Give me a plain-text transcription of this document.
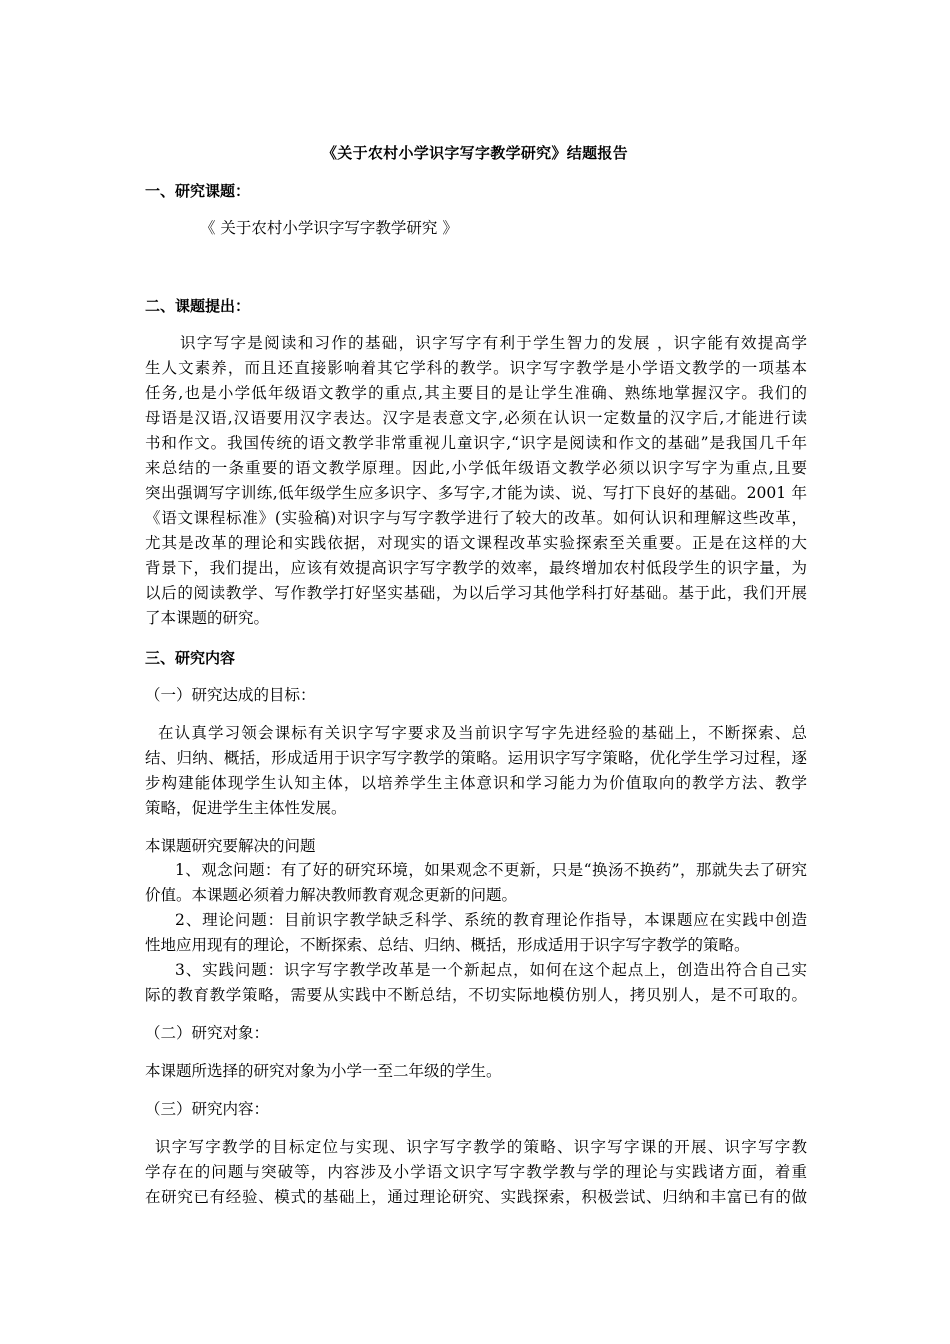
《关于农村小学识字写字教学研究》结题报告
一、研究课题：
《 关于农村小学识字写字教学研究 》
二、课题提出：
识字写字是阅读和习作的基础，识字写字有利于学生智力的发展 ，识字能有效提高学
生人文素养，而且还直接影响着其它学科的教学。识字写字教学是小学语文教学的一项基本
任务,也是小学低年级语文教学的重点,其主要目的是让学生准确、熟练地掌握汉字。我们的
母语是汉语,汉语要用汉字表达。汉字是表意文字,必须在认识一定数量的汉字后,才能进行读
书和作文。我国传统的语文教学非常重视儿童识字,“识字是阅读和作文的基础”是我国几千年
来总结的一条重要的语文教学原理。因此,小学低年级语文教学必须以识字写字为重点,且要
突出强调写字训练,低年级学生应多识字、多写字,才能为读、说、写打下良好的基础。2001 年
《语文课程标准》(实验稿)对识字与写字教学进行了较大的改革。如何认识和理解这些改革，
尤其是改革的理论和实践依据，对现实的语文课程改革实验探索至关重要。正是在这样的大
背景下，我们提出，应该有效提高识字写字教学的效率，最终增加农村低段学生的识字量，为
以后的阅读教学、写作教学打好坚实基础，为以后学习其他学科打好基础。基于此，我们开展
了本课题的研究。
三、研究内容
（一）研究达成的目标：
在认真学习领会课标有关识字写字要求及当前识字写字先进经验的基础上，不断探索、总
结、归纳、概括，形成适用于识字写字教学的策略。运用识字写字策略，优化学生学习过程，逐
步构建能体现学生认知主体，以培养学生主体意识和学习能力为价值取向的教学方法、教学
策略，促进学生主体性发展。
本课题研究要解决的问题
1、观念问题：有了好的研究环境，如果观念不更新，只是“换汤不换药”，那就失去了研究
价值。本课题必须着力解决教师教育观念更新的问题。
2、理论问题：目前识字教学缺乏科学、系统的教育理论作指导，本课题应在实践中创造
性地应用现有的理论，不断探索、总结、归纳、概括，形成适用于识字写字教学的策略。
3、实践问题：识字写字教学改革是一个新起点，如何在这个起点上，创造出符合自己实
际的教育教学策略，需要从实践中不断总结，不切实际地模仿别人，拷贝别人，是不可取的。
（二）研究对象：
本课题所选择的研究对象为小学一至二年级的学生。
（三）研究内容：
识字写字教学的目标定位与实现、识字写字教学的策略、识字写字课的开展、识字写字教
学存在的问题与突破等，内容涉及小学语文识字写字教学教与学的理论与实践诸方面，着重
在研究已有经验、模式的基础上，通过理论研究、实践探索，积极尝试、归纳和丰富已有的做
